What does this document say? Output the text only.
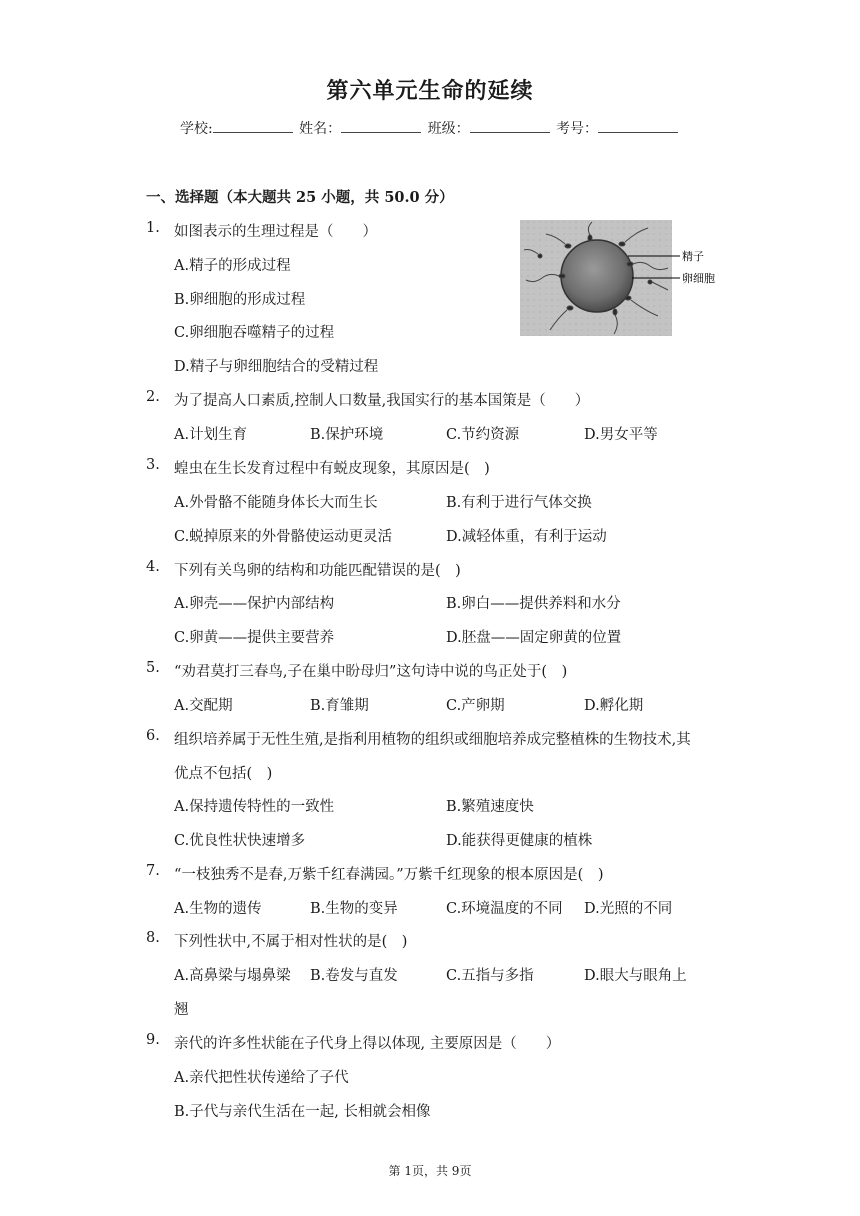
第六单元生命的延续
学校:	姓名：	班级：	考号：
一、选择题（本大题共 25 小题，共 50.0 分）
精子
卵细胞
1. 如图表示的生理过程是（　　）
A.精子的形成过程
B.卵细胞的形成过程
C.卵细胞吞噬精子的过程
D.精子与卵细胞结合的受精过程
2. 为了提高人口素质,控制人口数量,我国实行的基本国策是（　　）
A.计划生育	B.保护环境	C.节约资源	D.男女平等
3. 蝗虫在生长发育过程中有蜕皮现象，其原因是(　)
A.外骨骼不能随身体长大而生长	B.有利于进行气体交换
C.蜕掉原来的外骨骼使运动更灵活	D.减轻体重，有利于运动
4. 下列有关鸟卵的结构和功能匹配错误的是(　)
A.卵壳——保护内部结构	B.卵白——提供养料和水分
C.卵黄——提供主要营养	D.胚盘——固定卵黄的位置
5. “劝君莫打三春鸟,子在巢中盼母归”这句诗中说的鸟正处于(　)
A.交配期	B.育雏期	C.产卵期	D.孵化期
6. 组织培养属于无性生殖,是指利用植物的组织或细胞培养成完整植株的生物技术,其
优点不包括(　)
A.保持遗传特性的一致性	B.繁殖速度快
C.优良性状快速增多	D.能获得更健康的植株
7. “一枝独秀不是春,万紫千红春满园。”万紫千红现象的根本原因是(　)
A.生物的遗传	B.生物的变异	C.环境温度的不同 D.光照的不同
8. 下列性状中,不属于相对性状的是(　)
A.高鼻梁与塌鼻梁 B.卷发与直发	C.五指与多指	D.眼大与眼角上
翘
9. 亲代的许多性状能在子代身上得以体现, 主要原因是（　　）
A.亲代把性状传递给了子代
B.子代与亲代生活在一起, 长相就会相像
第 1页，共 9页
